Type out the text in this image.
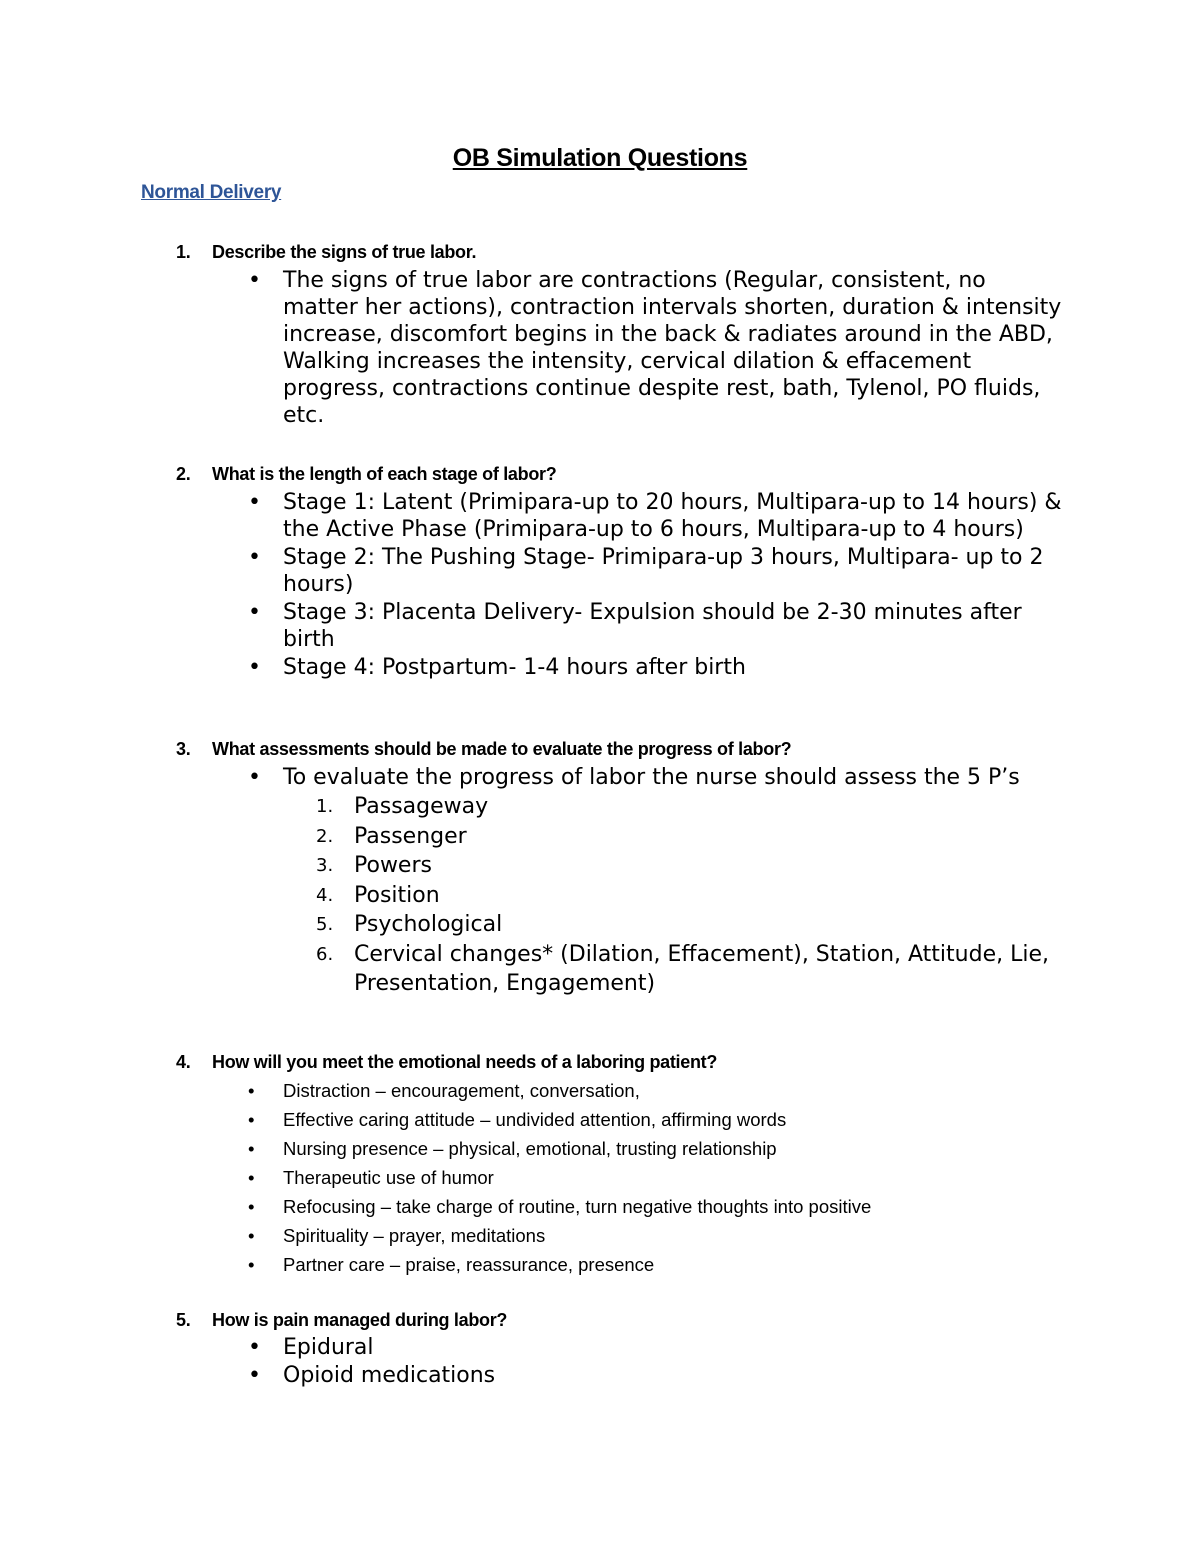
OB Simulation Questions
Normal Delivery
1. Describe the signs of true labor.
• The signs of true labor are contractions (Regular, consistent, no matter her actions), contraction intervals shorten, duration & intensity increase, discomfort begins in the back & radiates around in the ABD, Walking increases the intensity, cervical dilation & effacement progress, contractions continue despite rest, bath, Tylenol, PO fluids, etc.
2. What is the length of each stage of labor?
• Stage 1: Latent (Primipara-up to 20 hours, Multipara-up to 14 hours) & the Active Phase (Primipara-up to 6 hours, Multipara-up to 4 hours)
• Stage 2: The Pushing Stage- Primipara-up 3 hours, Multipara- up to 2 hours)
• Stage 3: Placenta Delivery- Expulsion should be 2-30 minutes after birth
• Stage 4: Postpartum- 1-4 hours after birth
3. What assessments should be made to evaluate the progress of labor?
• To evaluate the progress of labor the nurse should assess the 5 P’s
1. Passageway
2. Passenger
3. Powers
4. Position
5. Psychological
6. Cervical changes* (Dilation, Effacement), Station, Attitude, Lie, Presentation, Engagement)
4. How will you meet the emotional needs of a laboring patient?
• Distraction – encouragement, conversation,
• Effective caring attitude – undivided attention, affirming words
• Nursing presence – physical, emotional, trusting relationship
• Therapeutic use of humor
• Refocusing – take charge of routine, turn negative thoughts into positive
• Spirituality – prayer, meditations
• Partner care – praise, reassurance, presence
5. How is pain managed during labor?
• Epidural
• Opioid medications
